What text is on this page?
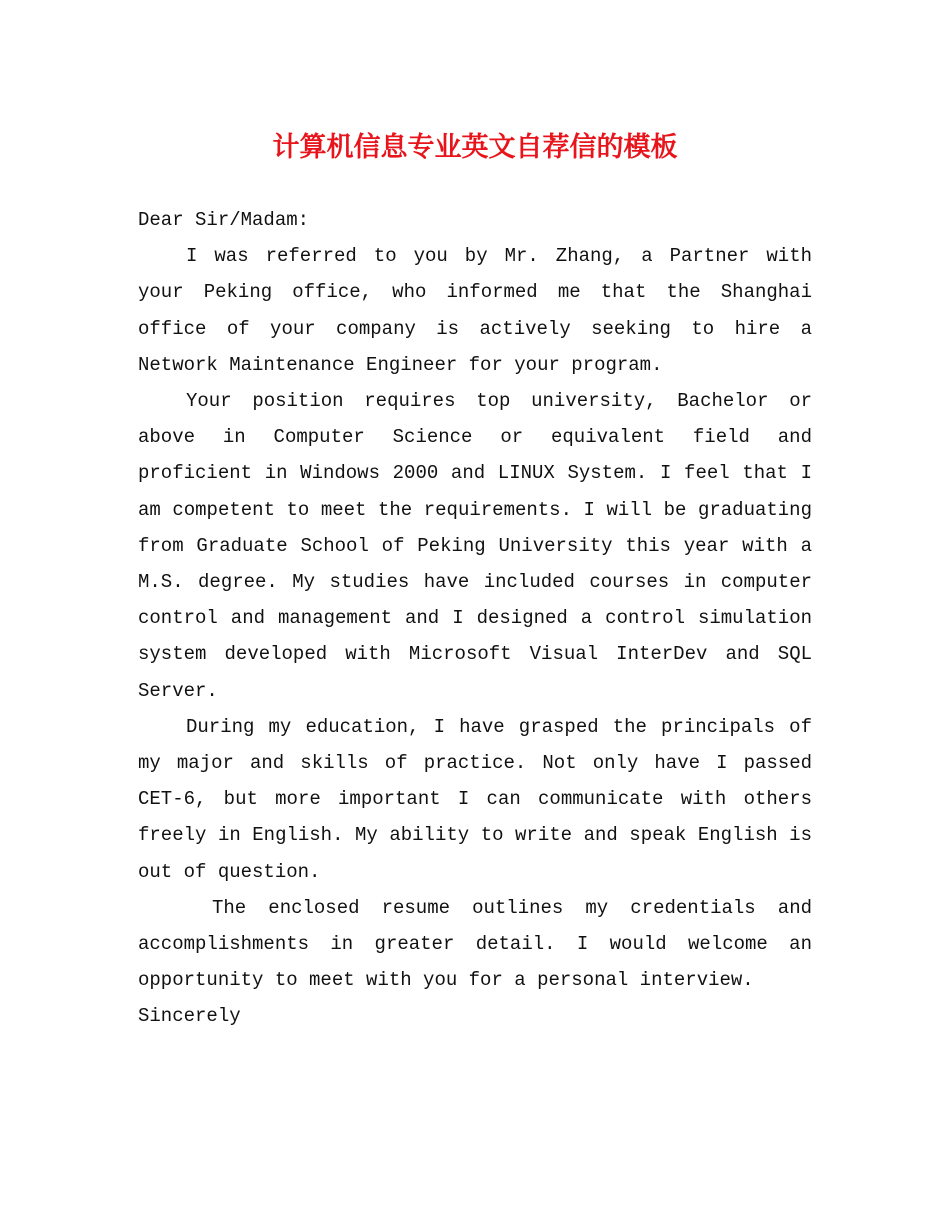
计算机信息专业英文自荐信的模板

Dear Sir/Madam:

I was referred to you by Mr. Zhang, a Partner with your Peking office, who informed me that the Shanghai office of your company is actively seeking to hire a Network Maintenance Engineer for your program.

Your position requires top university, Bachelor or above in Computer Science or equivalent field and proficient in Windows 2000 and LINUX System. I feel that I am competent to meet the requirements. I will be graduating from Graduate School of Peking University this year with a M.S. degree. My studies have included courses in computer control and management and I designed a control simulation system developed with Microsoft Visual InterDev and SQL Server.

During my education, I have grasped the principals of my major and skills of practice. Not only have I passed CET-6, but more important I can communicate with others freely in English. My ability to write and speak English is out of question.

The enclosed resume outlines my credentials and accomplishments in greater detail. I would welcome an opportunity to meet with you for a personal interview.

Sincerely
